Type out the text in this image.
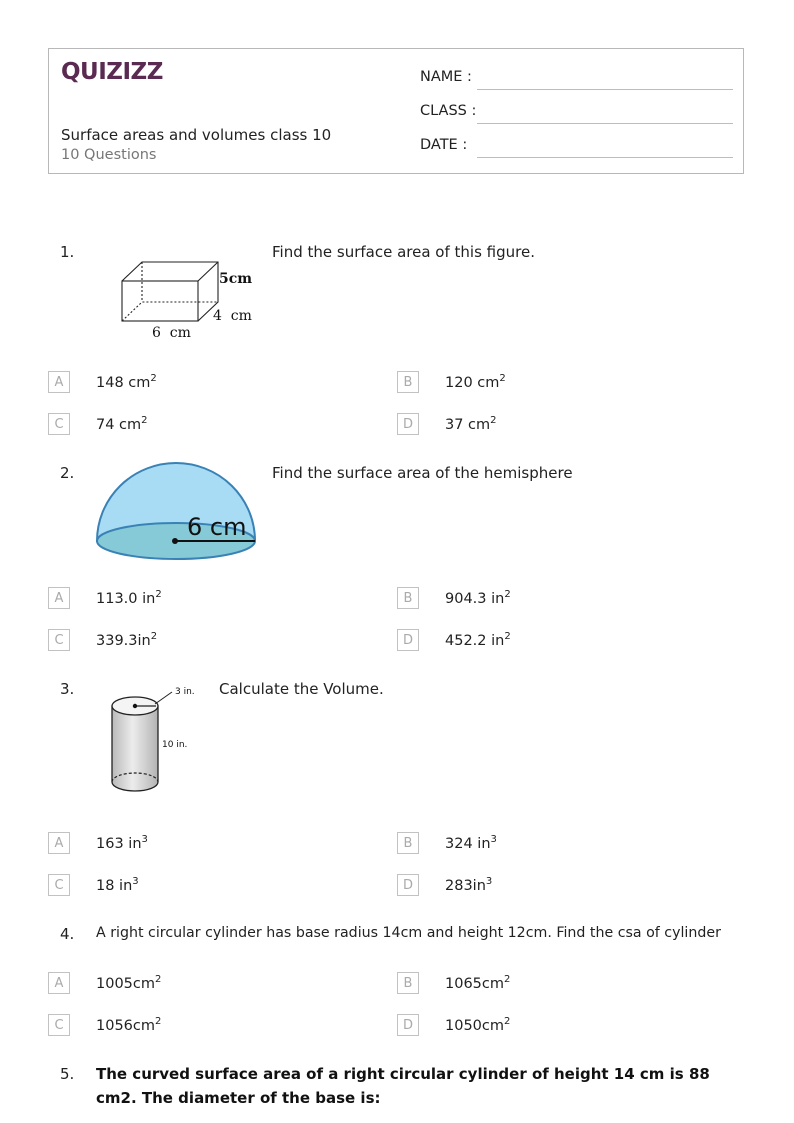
QUIZIZZ
Surface areas and volumes class 10
10 Questions
NAME :
CLASS :
DATE :
1.
5cm
4  cm
6  cm
Find the surface area of this figure.
A	148 $cm^2$	B	120 $cm^2$
C	74 $cm^2$	D	37 $cm^2$
2.
6 cm
Find the surface area of the hemisphere
A	113.0 $in^2$	B	904.3 $in^2$
C	$339.3in^2$	D	452.2 $in^2$
3.	3 in.
10 in.
Calculate the Volume.
A	163 $in^3$	B	324 $in^3$
C	18 $in^3$	D	$283in^3$
4. A right circular cylinder has base radius 14cm and height 12cm. Find the csa of cylinder
A	$1005cm^2$	B	$1065cm^2$
C	$1056cm^2$	D	$1050cm^2$
5. The curved surface area of a right circular cylinder of height 14 cm is 88 cm2. The diameter of the base is:
